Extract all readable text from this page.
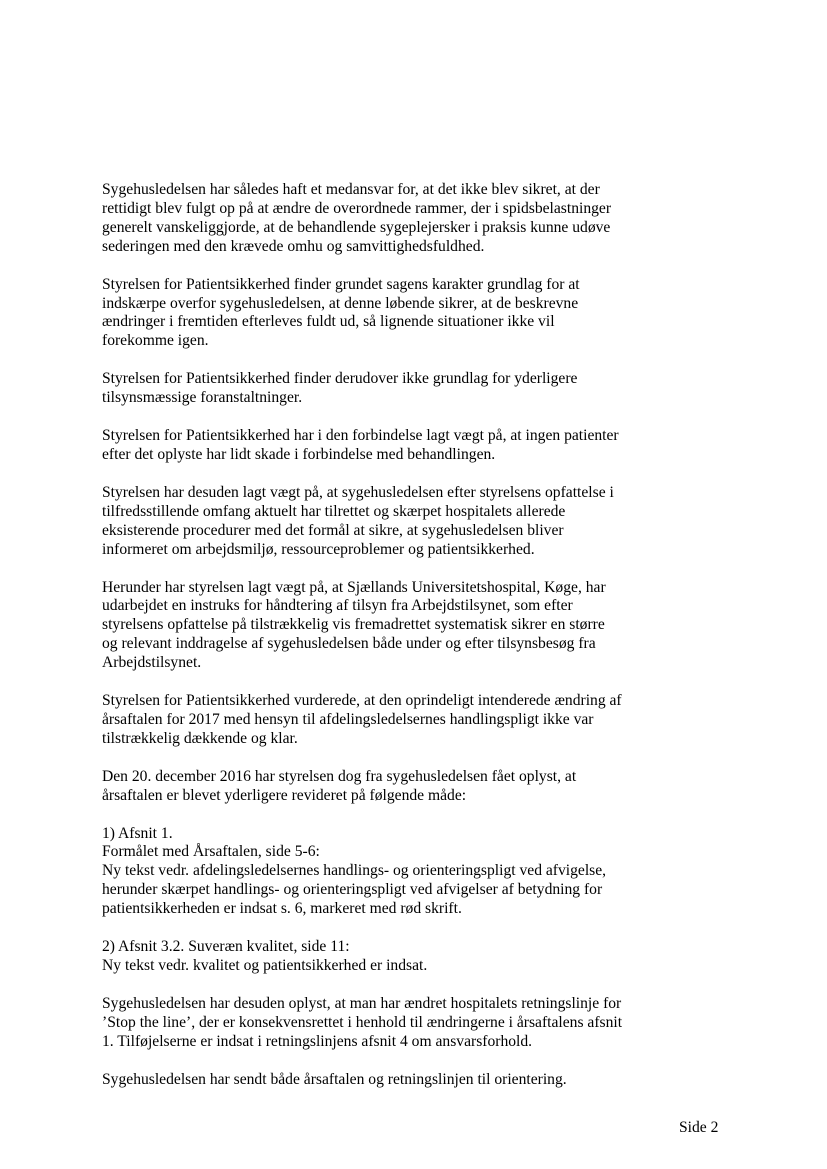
Sygehusledelsen har således haft et medansvar for, at det ikke blev sikret, at der
rettidigt blev fulgt op på at ændre de overordnede rammer, der i spidsbelastninger
generelt vanskeliggjorde, at de behandlende sygeplejersker i praksis kunne udøve
sederingen med den krævede omhu og samvittighedsfuldhed.

Styrelsen for Patientsikkerhed finder grundet sagens karakter grundlag for at
indskærpe overfor sygehusledelsen, at denne løbende sikrer, at de beskrevne
ændringer i fremtiden efterleves fuldt ud, så lignende situationer ikke vil
forekomme igen.

Styrelsen for Patientsikkerhed finder derudover ikke grundlag for yderligere
tilsynsmæssige foranstaltninger.

Styrelsen for Patientsikkerhed har i den forbindelse lagt vægt på, at ingen patienter
efter det oplyste har lidt skade i forbindelse med behandlingen.

Styrelsen har desuden lagt vægt på, at sygehusledelsen efter styrelsens opfattelse i
tilfredsstillende omfang aktuelt har tilrettet og skærpet hospitalets allerede
eksisterende procedurer med det formål at sikre, at sygehusledelsen bliver
informeret om arbejdsmiljø, ressourceproblemer og patientsikkerhed.

Herunder har styrelsen lagt vægt på, at Sjællands Universitetshospital, Køge, har
udarbejdet en instruks for håndtering af tilsyn fra Arbejdstilsynet, som efter
styrelsens opfattelse på tilstrækkelig vis fremadrettet systematisk sikrer en større
og relevant inddragelse af sygehusledelsen både under og efter tilsynsbesøg fra
Arbejdstilsynet.

Styrelsen for Patientsikkerhed vurderede, at den oprindeligt intenderede ændring af
årsaftalen for 2017 med hensyn til afdelingsledelsernes handlingspligt ikke var
tilstrækkelig dækkende og klar.

Den 20. december 2016 har styrelsen dog fra sygehusledelsen fået oplyst, at
årsaftalen er blevet yderligere revideret på følgende måde:

1) Afsnit 1.
Formålet med Årsaftalen, side 5-6:
Ny tekst vedr. afdelingsledelsernes handlings- og orienteringspligt ved afvigelse,
herunder skærpet handlings- og orienteringspligt ved afvigelser af betydning for
patientsikkerheden er indsat s. 6, markeret med rød skrift.

2) Afsnit 3.2. Suveræn kvalitet, side 11:
Ny tekst vedr. kvalitet og patientsikkerhed er indsat.

Sygehusledelsen har desuden oplyst, at man har ændret hospitalets retningslinje for
’Stop the line’, der er konsekvensrettet i henhold til ændringerne i årsaftalens afsnit
1. Tilføjelserne er indsat i retningslinjens afsnit 4 om ansvarsforhold.

Sygehusledelsen har sendt både årsaftalen og retningslinjen til orientering.

Side 2
